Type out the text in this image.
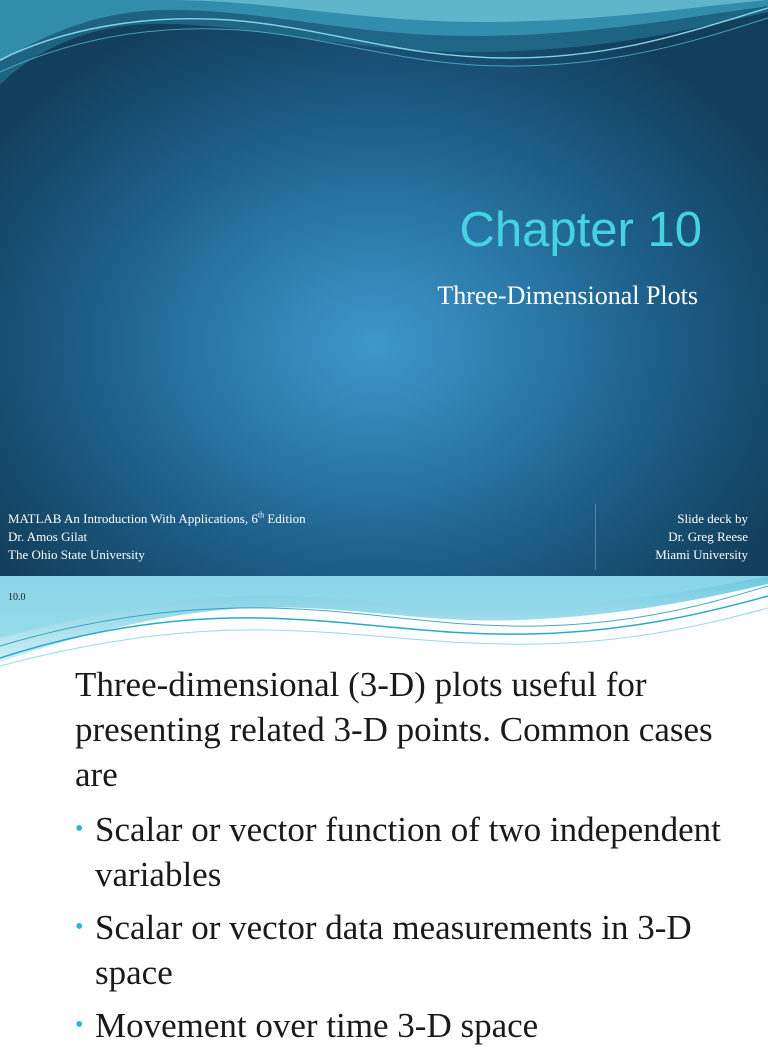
Chapter 10
Three-Dimensional Plots
MATLAB An Introduction With Applications, 6th Edition
Dr. Amos Gilat
The Ohio State University
Slide deck by
Dr. Greg Reese
Miami University
10.0

Three-dimensional (3-D) plots useful for presenting related 3-D points. Common cases are

• Scalar or vector function of two independent variables
• Scalar or vector data measurements in 3-D space
• Movement over time 3-D space
